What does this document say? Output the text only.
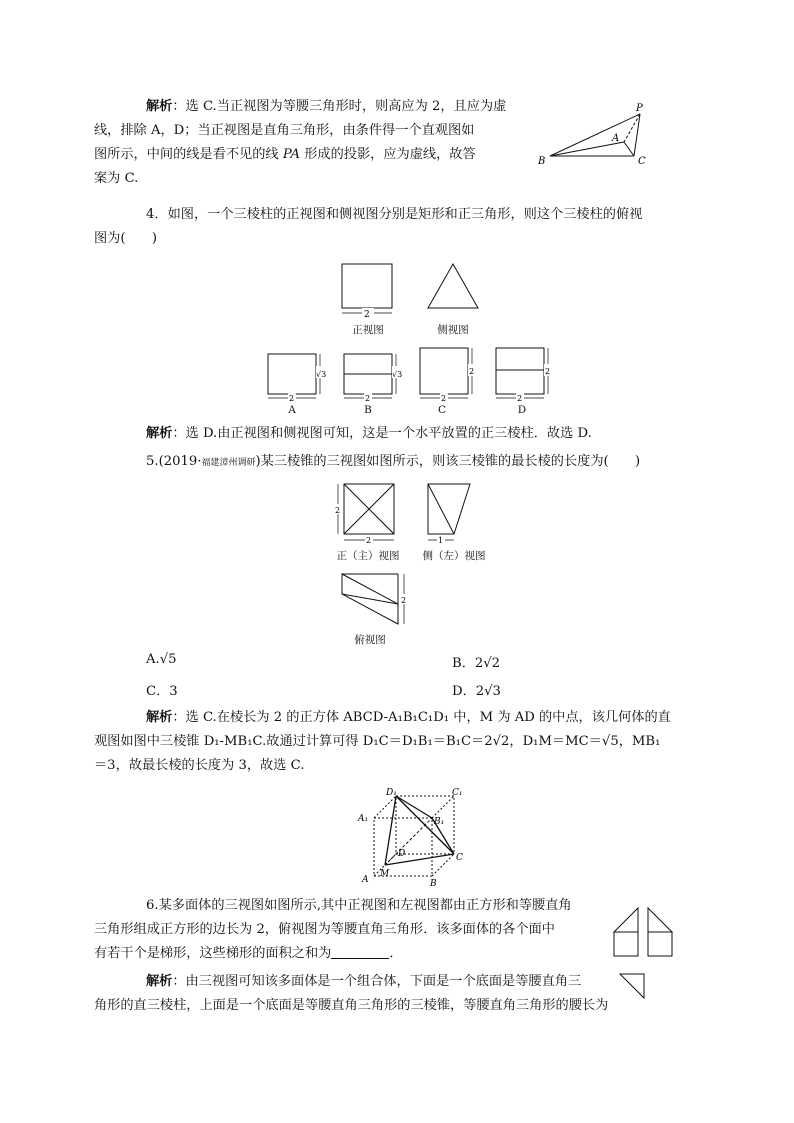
解析：选 C.当正视图为等腰三角形时，则高应为 2，且应为虚
线，排除 A，D；当正视图是直角三角形，由条件得一个直观图如
图所示，中间的线是看不见的线 PA 形成的投影，应为虚线，故答
案为 C.
P
A
B	C
4．如图，一个三棱柱的正视图和侧视图分别是矩形和正三角形，则这个三棱柱的俯视
图为(　　)
2
正视图	侧视图
√3
2
A
√3
2
B
2
2
C
2
2
D
解析：选 D.由正视图和侧视图可知，这是一个水平放置的正三棱柱．故选 D.
5.(2019·福建漳州调研)某三棱锥的三视图如图所示，则该三棱锥的最长棱的长度为(　　)
2
2
正（主）视图
1
侧（左）视图
2
俯视图
A.√5	B．2√2
C．3	D．2√3
解析：选 C.在棱长为 2 的正方体 ABCD-A₁B₁C₁D₁ 中，M 为 AD 的中点，该几何体的直
观图如图中三棱锥 D₁-MB₁C.故通过计算可得 D₁C＝D₁B₁＝B₁C＝2√2，D₁M＝MC＝√5，MB₁
＝3，故最长棱的长度为 3，故选 C.
D₁	C₁
A₁	B₁
D	C
A
M
B
6.某多面体的三视图如图所示,其中正视图和左视图都由正方形和等腰直角
三角形组成正方形的边长为 2，俯视图为等腰直角三角形．该多面体的各个面中
有若干个是梯形，这些梯形的面积之和为	．
解析：由三视图可知该多面体是一个组合体，下面是一个底面是等腰直角三
角形的直三棱柱，上面是一个底面是等腰直角三角形的三棱锥，等腰直角三角形的腰长为
